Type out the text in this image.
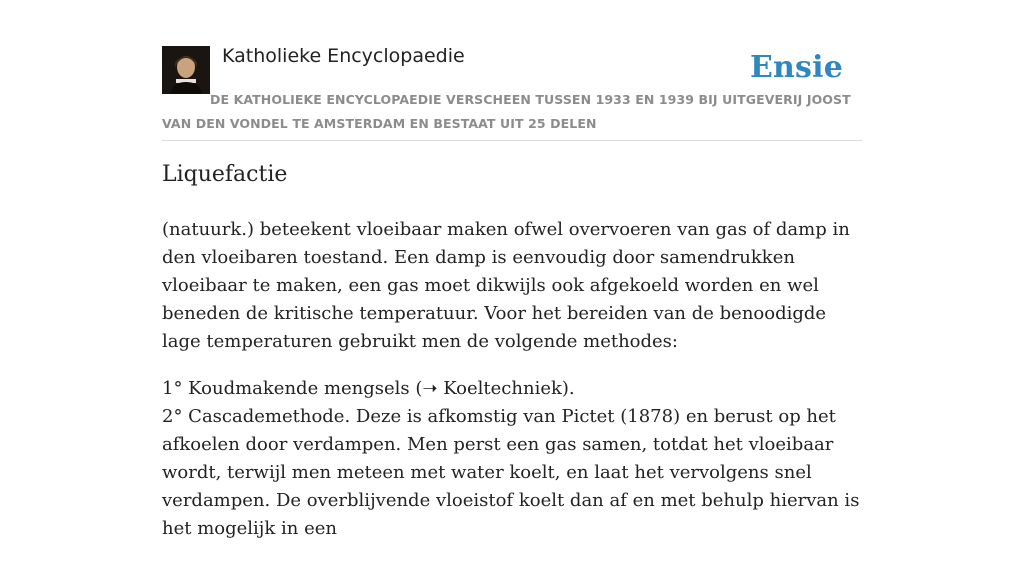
Katholieke Encyclopaedie	Ensie
DE KATHOLIEKE ENCYCLOPAEDIE VERSCHEEN TUSSEN 1933 EN 1939 BIJ UITGEVERIJ JOOST VAN DEN VONDEL TE AMSTERDAM EN BESTAAT UIT 25 DELEN
Liquefactie

(natuurk.) beteekent vloeibaar maken ofwel overvoeren van gas of damp in den vloeibaren toestand. Een damp is eenvoudig door samendrukken vloeibaar te maken, een gas moet dikwijls ook afgekoeld worden en wel beneden de kritische temperatuur. Voor het bereiden van de benoodigde lage temperaturen gebruikt men de volgende methodes:

1° Koudmakende mengsels (➝ Koeltechniek).
2° Cascademethode. Deze is afkomstig van Pictet (1878) en berust op het afkoelen door verdampen. Men perst een gas samen, totdat het vloeibaar wordt, terwijl men meteen met water koelt, en laat het vervolgens snel verdampen. De overblijvende vloeistof koelt dan af en met behulp hiervan is het mogelijk in een
